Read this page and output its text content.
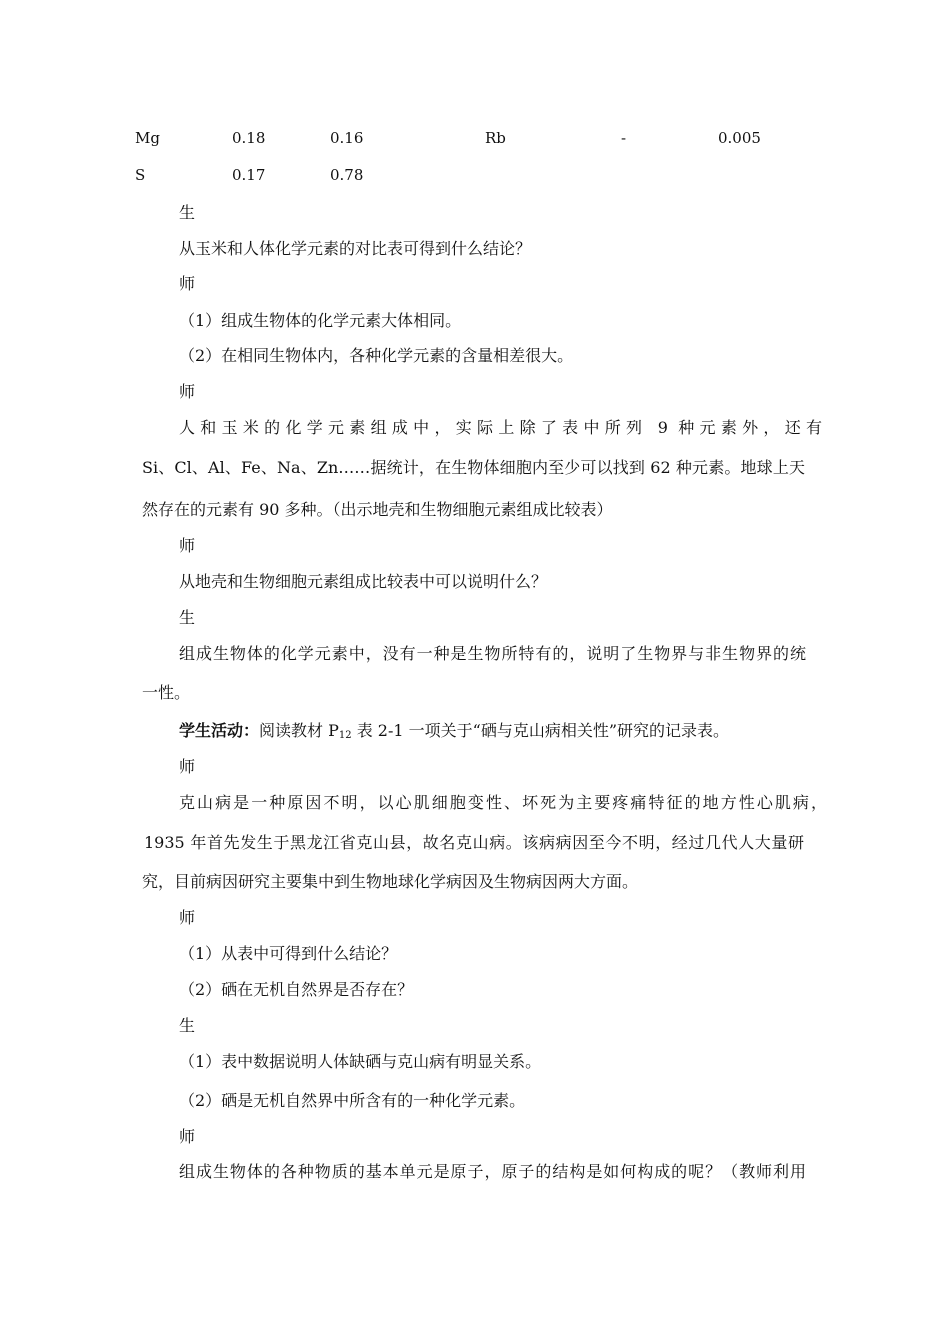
Mg	0.18	0.16	Rb	-	0.005
S	0.17	0.78
生
从玉米和人体化学元素的对比表可得到什么结论？
师
（1）组成生物体的化学元素大体相同。
（2）在相同生物体内，各种化学元素的含量相差很大。
师
人和玉米的化学元素组成中，实际上除了表中所列 9 种元素外，还有
Si、Cl、Al、Fe、Na、Zn……据统计，在生物体细胞内至少可以找到 62 种元素。地球上天
然存在的元素有 90 多种。（出示地壳和生物细胞元素组成比较表）
师
从地壳和生物细胞元素组成比较表中可以说明什么？
生
组成生物体的化学元素中，没有一种是生物所特有的，说明了生物界与非生物界的统
一性。
学生活动：阅读教材 $P_{12}$ 表 2-1 一项关于“硒与克山病相关性”研究的记录表。
师
克山病是一种原因不明，以心肌细胞变性、坏死为主要疼痛特征的地方性心肌病，
1935 年首先发生于黑龙江省克山县，故名克山病。该病病因至今不明，经过几代人大量研
究，目前病因研究主要集中到生物地球化学病因及生物病因两大方面。
师
（1）从表中可得到什么结论？
（2）硒在无机自然界是否存在？
生
（1）表中数据说明人体缺硒与克山病有明显关系。
（2）硒是无机自然界中所含有的一种化学元素。
师
组成生物体的各种物质的基本单元是原子，原子的结构是如何构成的呢？（教师利用
